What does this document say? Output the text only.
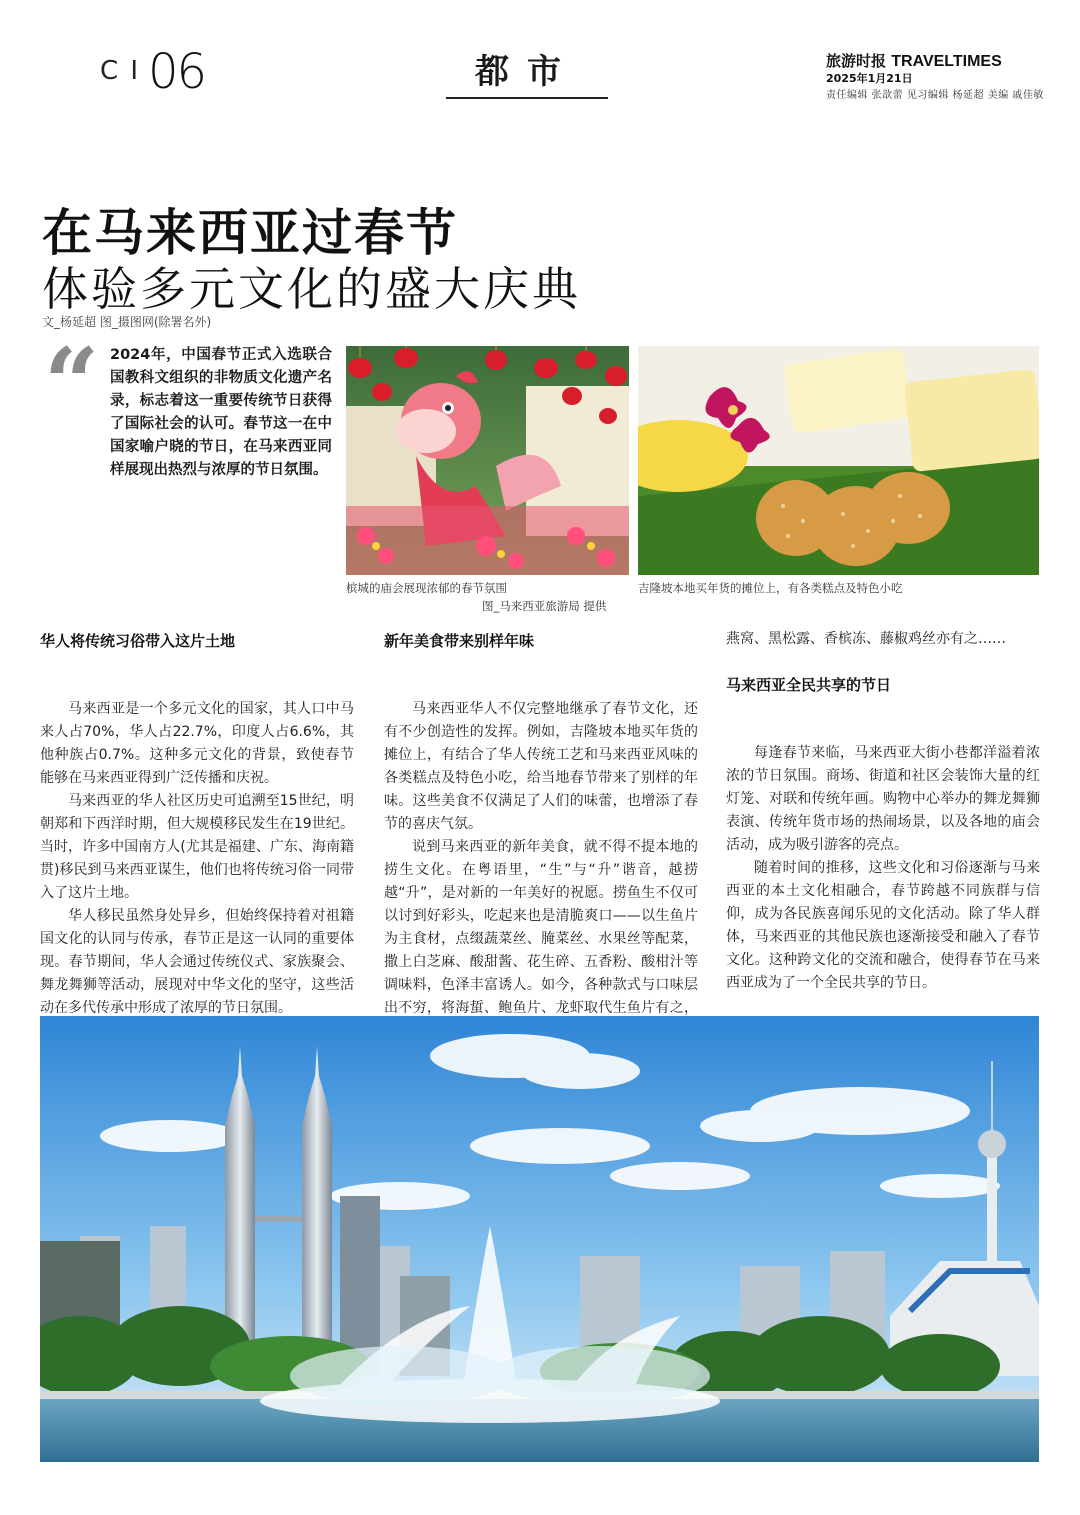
C I 06	都市	旅游时报 TRAVELTIMES
2025年1月21日
责任编辑 张歆蕾 见习编辑 杨延超 美编 戚佳敏
在马来西亚过春节
体验多元文化的盛大庆典
文_杨延超 图_摄图网(除署名外)
“ 2024年，中国春节正式入选联合国教科文组织的非物质文化遗产名录，标志着这一重要传统节日获得了国际社会的认可。春节这一在中国家喻户晓的节日，在马来西亚同样展现出热烈与浓厚的节日氛围。
槟城的庙会展现浓郁的春节氛围
图_马来西亚旅游局 提供
吉隆坡本地买年货的摊位上，有各类糕点及特色小吃
华人将传统习俗带入这片土地

马来西亚是一个多元文化的国家，其人口中马来人占70%，华人占22.7%，印度人占6.6%，其他种族占0.7%。这种多元文化的背景，致使春节能够在马来西亚得到广泛传播和庆祝。

马来西亚的华人社区历史可追溯至15世纪，明朝郑和下西洋时期，但大规模移民发生在19世纪。当时，许多中国南方人(尤其是福建、广东、海南籍贯)移民到马来西亚谋生，他们也将传统习俗一同带入了这片土地。

华人移民虽然身处异乡，但始终保持着对祖籍国文化的认同与传承，春节正是这一认同的重要体现。春节期间，华人会通过传统仪式、家族聚会、舞龙舞狮等活动，展现对中华文化的坚守，这些活动在多代传承中形成了浓厚的节日氛围。

新年美食带来别样年味

马来西亚华人不仅完整地继承了春节文化，还有不少创造性的发挥。例如，吉隆坡本地买年货的摊位上，有结合了华人传统工艺和马来西亚风味的各类糕点及特色小吃，给当地春节带来了别样的年味。这些美食不仅满足了人们的味蕾，也增添了春节的喜庆气氛。

说到马来西亚的新年美食，就不得不提本地的捞生文化。在粤语里，“生”与“升”谐音，越捞越“升”，是对新的一年美好的祝愿。捞鱼生不仅可以讨到好彩头，吃起来也是清脆爽口——以生鱼片为主食材，点缀蔬菜丝、腌菜丝、水果丝等配菜，撒上白芝麻、酸甜酱、花生碎、五香粉、酸柑汁等调味料，色泽丰富诱人。如今，各种款式与口味层出不穷，将海蜇、鲍鱼片、龙虾取代生鱼片有之，

燕窝、黑松露、香槟冻、藤椒鸡丝亦有之……
马来西亚全民共享的节日

每逢春节来临，马来西亚大街小巷都洋溢着浓浓的节日氛围。商场、街道和社区会装饰大量的红灯笼、对联和传统年画。购物中心举办的舞龙舞狮表演、传统年货市场的热闹场景，以及各地的庙会活动，成为吸引游客的亮点。

随着时间的推移，这些文化和习俗逐渐与马来西亚的本土文化相融合，春节跨越不同族群与信仰，成为各民族喜闻乐见的文化活动。除了华人群体，马来西亚的其他民族也逐渐接受和融入了春节文化。这种跨文化的交流和融合，使得春节在马来西亚成为了一个全民共享的节日。
